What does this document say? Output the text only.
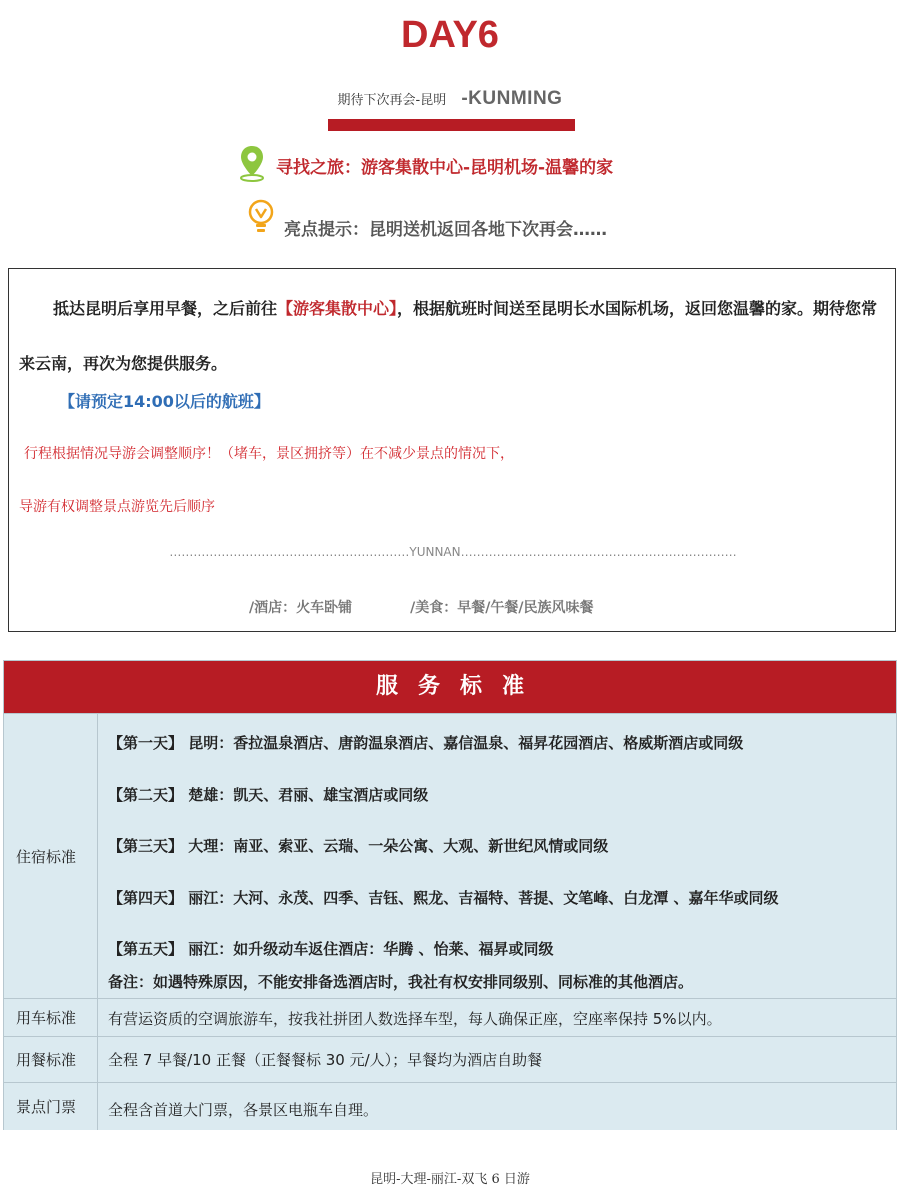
DAY6
期待下次再会-昆明 -KUNMING
寻找之旅：游客集散中心-昆明机场-温馨的家
亮点提示：昆明送机返回各地下次再会……
抵达昆明后享用早餐，之后前往【游客集散中心】，根据航班时间送至昆明长水国际机场，返回您温馨的家。期待您常来云南，再次为您提供服务。
【请预定14:00以后的航班】
行程根据情况导游会调整顺序！（堵车，景区拥挤等）在不减少景点的情况下，
导游有权调整景点游览先后顺序
……………………………………………………YUNNAN……………………………………………………………
/酒店：火车卧铺	/美食：早餐/午餐/民族风味餐
服务标准
住宿标准
【第一天】 昆明：香拉温泉酒店、唐韵温泉酒店、嘉信温泉、福昇花园酒店、格威斯酒店或同级
【第二天】 楚雄：凯天、君丽、雄宝酒店或同级
【第三天】 大理：南亚、索亚、云瑞、一朵公寓、大观、新世纪风情或同级
【第四天】 丽江：大河、永茂、四季、吉钰、熙龙、吉福特、菩提、文笔峰、白龙潭 、嘉年华或同级
【第五天】 丽江：如升级动车返住酒店：华腾 、怡莱、福昇或同级
备注：如遇特殊原因，不能安排备选酒店时，我社有权安排同级别、同标准的其他酒店。
用车标准	有营运资质的空调旅游车，按我社拼团人数选择车型，每人确保正座，空座率保持 5%以内。
用餐标准	全程 7 早餐/10 正餐（正餐餐标 30 元/人）；早餐均为酒店自助餐
景点门票	全程含首道大门票，各景区电瓶车自理。
昆明-大理-丽江-双飞 6 日游
